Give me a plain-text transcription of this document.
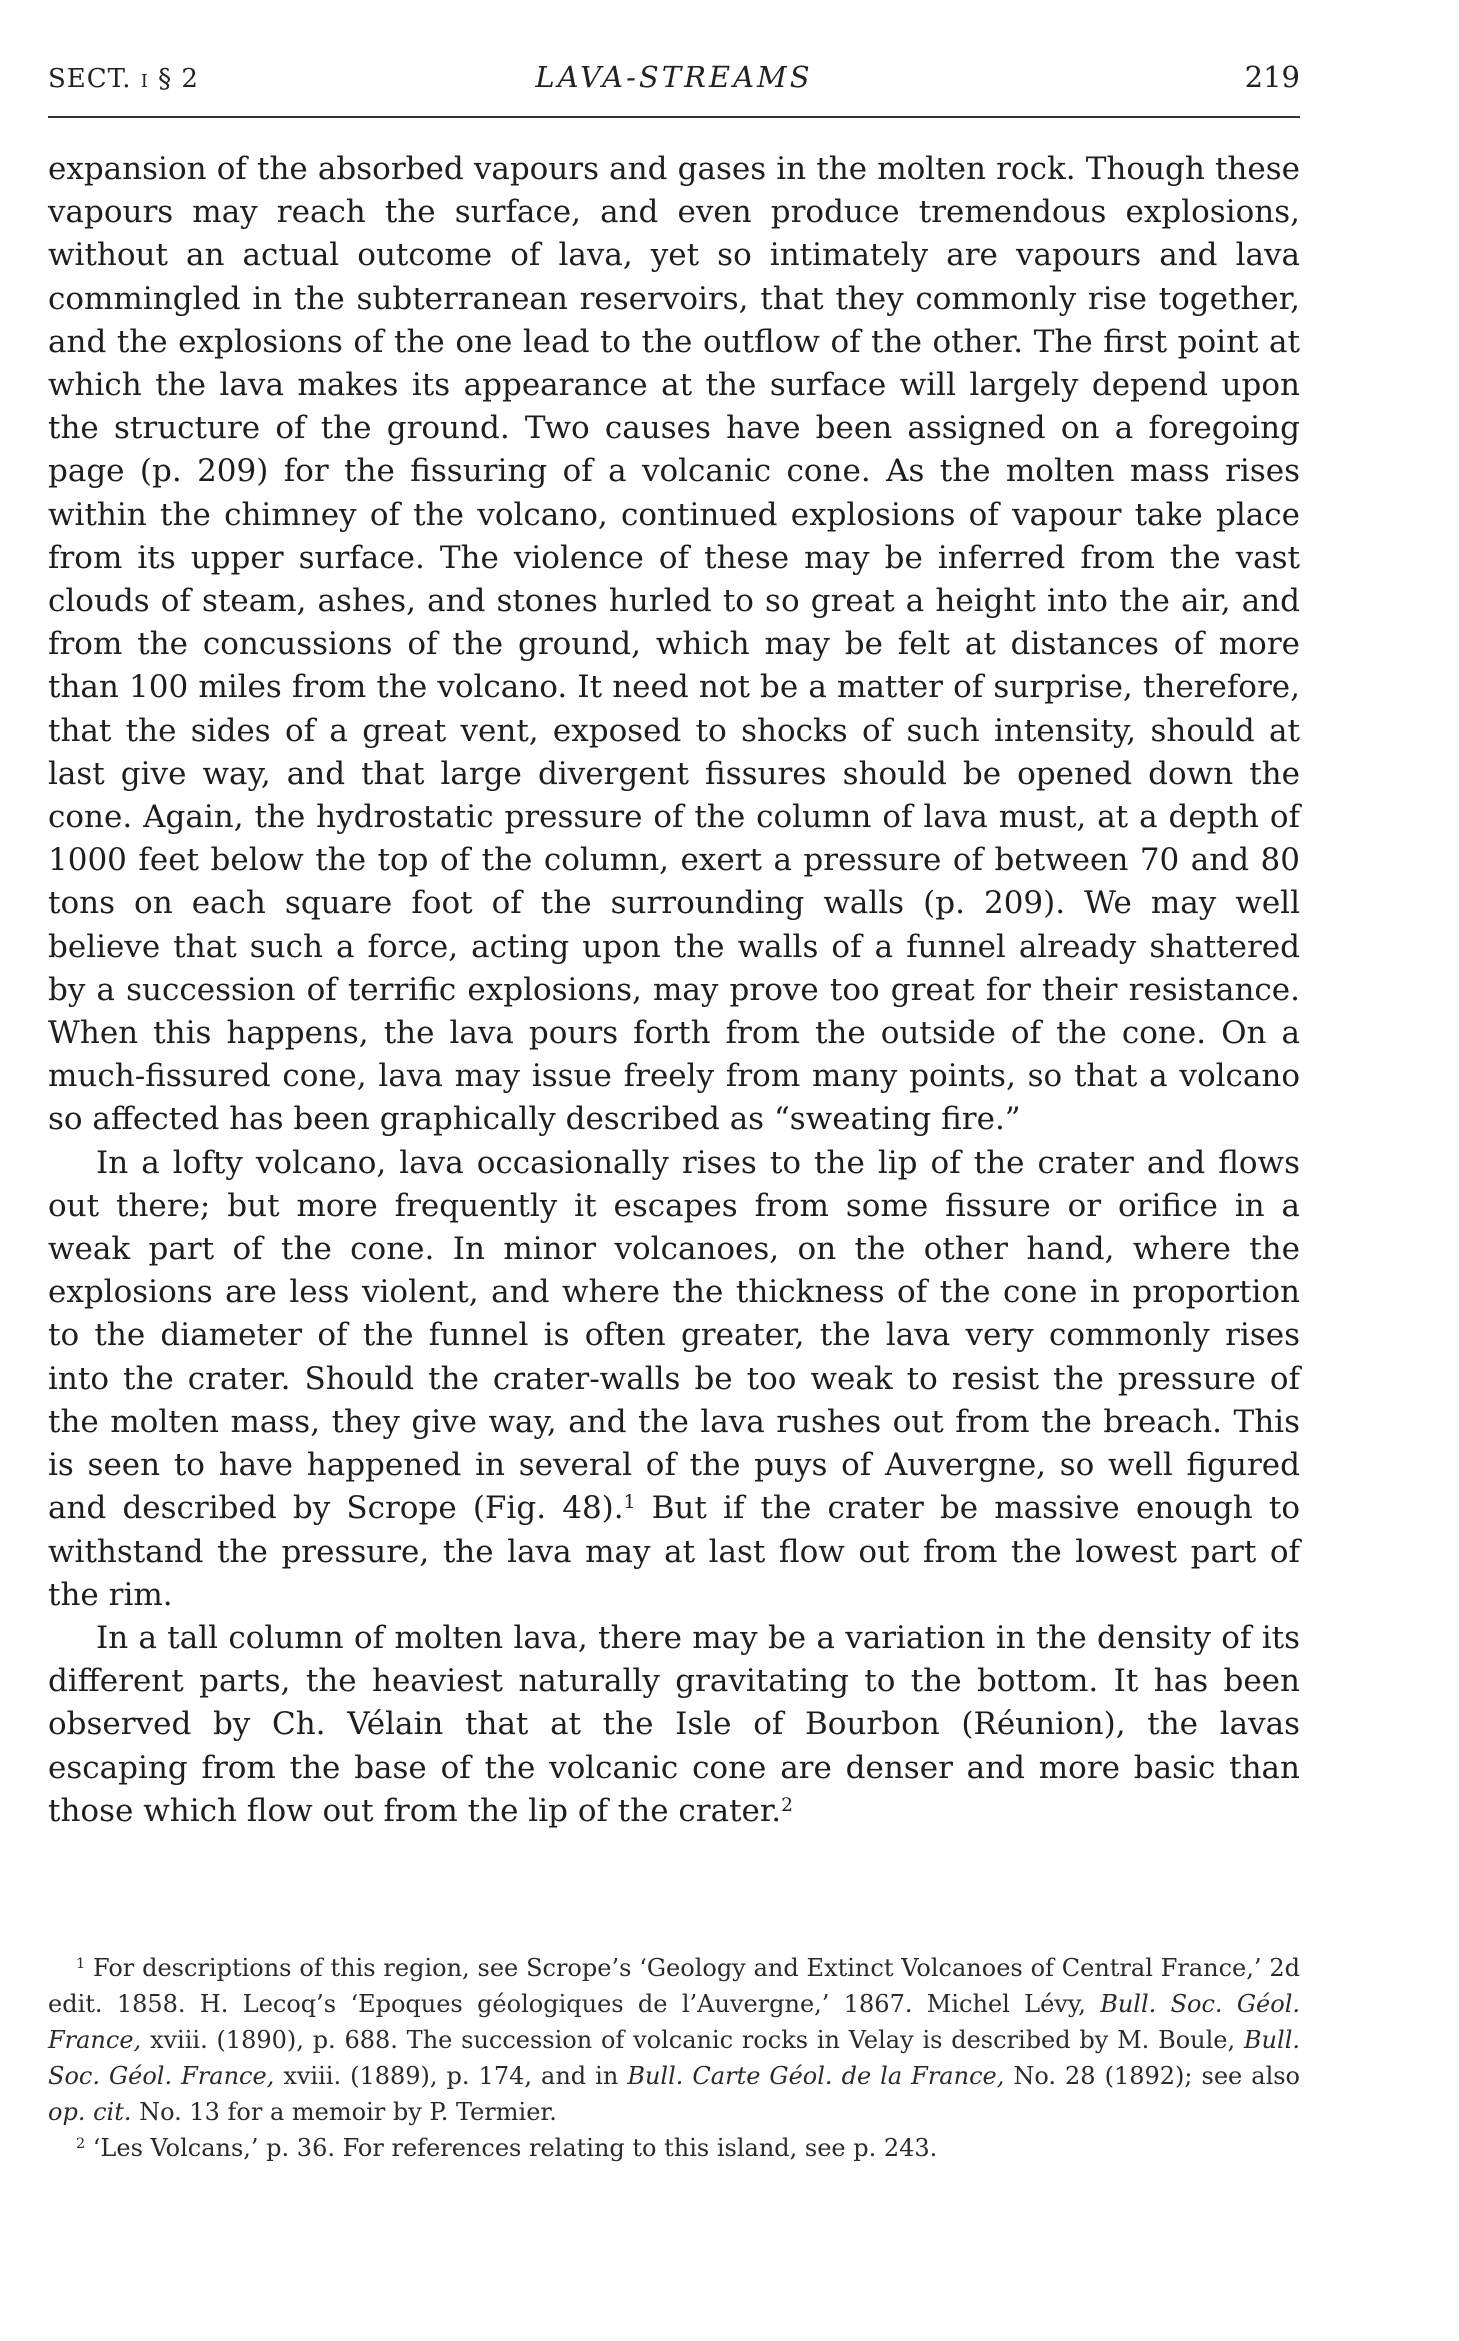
SECT. i § 2	LAVA-STREAMS	219

expansion of the absorbed vapours and gases in the molten rock. Though these vapours may reach the surface, and even produce tremendous explosions, without an actual outcome of lava, yet so intimately are vapours and lava commingled in the subterranean reservoirs, that they commonly rise together, and the explosions of the one lead to the outflow of the other. The first point at which the lava makes its appearance at the surface will largely depend upon the structure of the ground. Two causes have been assigned on a foregoing page (p. 209) for the fissuring of a volcanic cone. As the molten mass rises within the chimney of the volcano, continued explosions of vapour take place from its upper surface. The violence of these may be inferred from the vast clouds of steam, ashes, and stones hurled to so great a height into the air, and from the concussions of the ground, which may be felt at distances of more than 100 miles from the volcano. It need not be a matter of surprise, therefore, that the sides of a great vent, exposed to shocks of such intensity, should at last give way, and that large divergent fissures should be opened down the cone. Again, the hydrostatic pressure of the column of lava must, at a depth of 1000 feet below the top of the column, exert a pressure of between 70 and 80 tons on each square foot of the surrounding walls (p. 209). We may well believe that such a force, acting upon the walls of a funnel already shattered by a succession of terrific explosions, may prove too great for their resistance. When this happens, the lava pours forth from the outside of the cone. On a much-fissured cone, lava may issue freely from many points, so that a volcano so affected has been graphically described as “sweating fire.”

In a lofty volcano, lava occasionally rises to the lip of the crater and flows out there; but more frequently it escapes from some fissure or orifice in a weak part of the cone. In minor volcanoes, on the other hand, where the explosions are less violent, and where the thickness of the cone in proportion to the diameter of the funnel is often greater, the lava very commonly rises into the crater. Should the crater-walls be too weak to resist the pressure of the molten mass, they give way, and the lava rushes out from the breach. This is seen to have happened in several of the puys of Auvergne, so well figured and described by Scrope (Fig. 48).$^1$ But if the crater be massive enough to withstand the pressure, the lava may at last flow out from the lowest part of the rim.

In a tall column of molten lava, there may be a variation in the density of its different parts, the heaviest naturally gravitating to the bottom. It has been observed by Ch. Vélain that at the Isle of Bourbon (Réunion), the lavas escaping from the base of the volcanic cone are denser and more basic than those which flow out from the lip of the crater.$^2$

$^1$ For descriptions of this region, see Scrope’s ‘Geology and Extinct Volcanoes of Central France,’ 2d edit. 1858. H. Lecoq’s ‘Epoques géologiques de l’Auvergne,’ 1867. Michel Lévy, Bull. Soc. Géol. France, xviii. (1890), p. 688. The succession of volcanic rocks in Velay is described by M. Boule, Bull. Soc. Géol. France, xviii. (1889), p. 174, and in Bull. Carte Géol. de la France, No. 28 (1892); see also op. cit. No. 13 for a memoir by P. Termier.

$^2$ ‘Les Volcans,’ p. 36. For references relating to this island, see p. 243.
